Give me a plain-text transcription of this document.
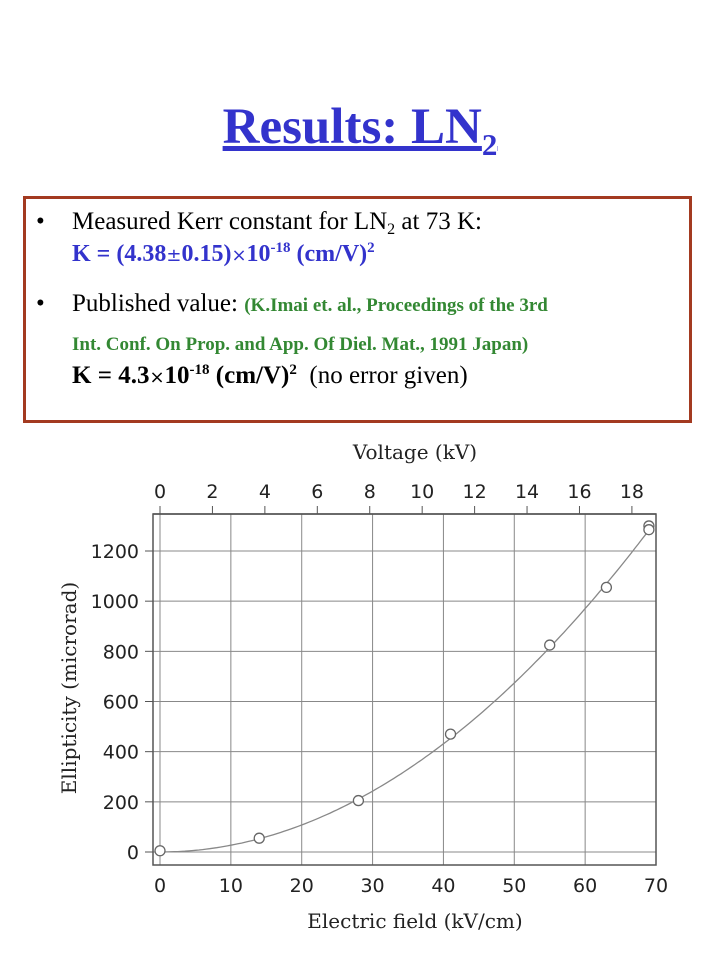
Results: $LN_2$
• Measured Kerr constant for $LN_2$ at 73 K:
$K = (4.38\pm 0.15)\times 10^{-18}$ $(cm/V)^2$
• Published value: (K.Imai et. al., Proceedings of the 3rd
Int. Conf. On Prop. and App. Of Diel. Mat., 1991 Japan)
$K = 4.3\times 10^{-18}$ $(cm/V)^2$ (no error given)
Voltage (kV)
Electric field (kV/cm)
Ellipticity (microrad)
0	10 20 30 40 50 60 70
0
200
400
600
800
1000
1200
0 2 4 6 8 10 12 14 16 18
